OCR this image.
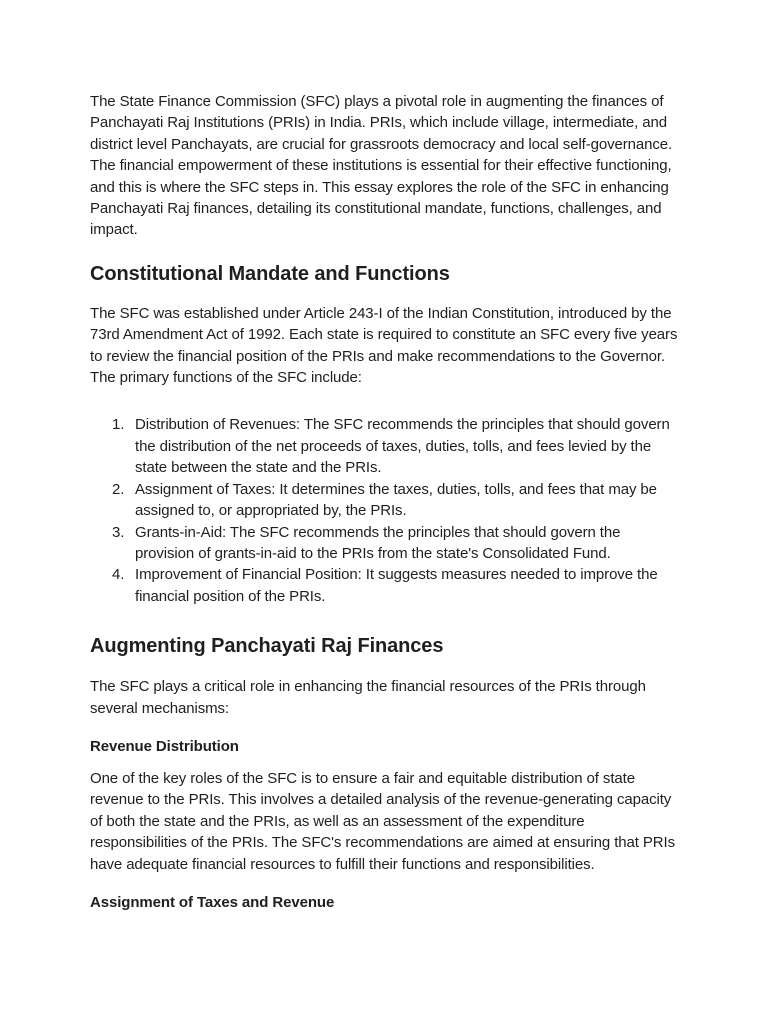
The State Finance Commission (SFC) plays a pivotal role in augmenting the finances of Panchayati Raj Institutions (PRIs) in India. PRIs, which include village, intermediate, and district level Panchayats, are crucial for grassroots democracy and local self-governance. The financial empowerment of these institutions is essential for their effective functioning, and this is where the SFC steps in. This essay explores the role of the SFC in enhancing Panchayati Raj finances, detailing its constitutional mandate, functions, challenges, and impact.

Constitutional Mandate and Functions

The SFC was established under Article 243-I of the Indian Constitution, introduced by the 73rd Amendment Act of 1992. Each state is required to constitute an SFC every five years to review the financial position of the PRIs and make recommendations to the Governor. The primary functions of the SFC include:

1. Distribution of Revenues: The SFC recommends the principles that should govern the distribution of the net proceeds of taxes, duties, tolls, and fees levied by the state between the state and the PRIs.
2. Assignment of Taxes: It determines the taxes, duties, tolls, and fees that may be assigned to, or appropriated by, the PRIs.
3. Grants-in-Aid: The SFC recommends the principles that should govern the provision of grants-in-aid to the PRIs from the state's Consolidated Fund.
4. Improvement of Financial Position: It suggests measures needed to improve the financial position of the PRIs.
Augmenting Panchayati Raj Finances

The SFC plays a critical role in enhancing the financial resources of the PRIs through several mechanisms:

Revenue Distribution

One of the key roles of the SFC is to ensure a fair and equitable distribution of state revenue to the PRIs. This involves a detailed analysis of the revenue-generating capacity of both the state and the PRIs, as well as an assessment of the expenditure responsibilities of the PRIs. The SFC's recommendations are aimed at ensuring that PRIs have adequate financial resources to fulfill their functions and responsibilities.

Assignment of Taxes and Revenue
